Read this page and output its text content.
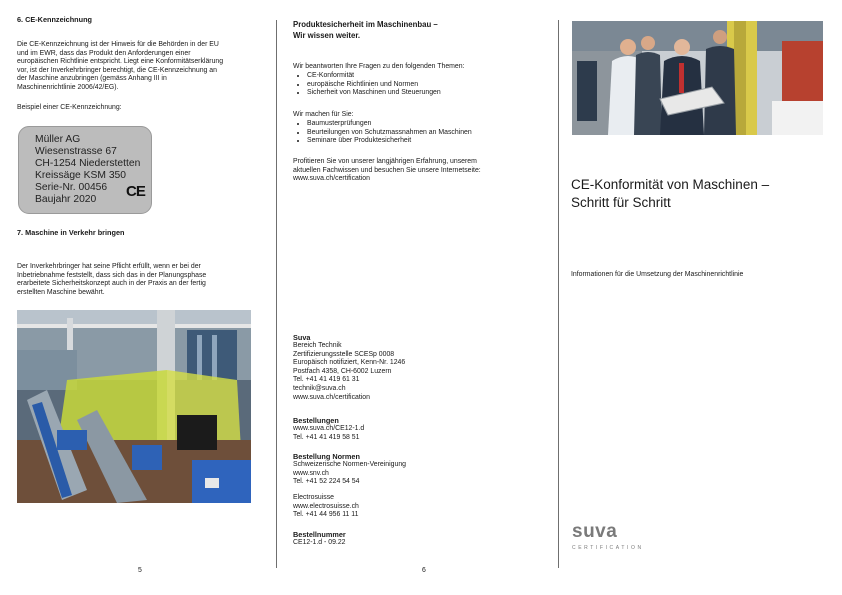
6. CE-Kennzeichnung

Die CE-Kennzeichnung ist der Hinweis für die Behörden in der EU

und im EWR, dass das Produkt den Anforderungen einer

europäischen Richtlinie entspricht. Liegt eine Konformitätserklärung

vor, ist der Inverkehrbringer berechtigt, die CE-Kennzeichnung an

der Maschine anzubringen (gemäss Anhang III in

Maschinenrichtlinie 2006/42/EG).

Beispiel einer CE-Kennzeichnung:

Müller AG
Wiesenstrasse 67
CH-1254 Niederstetten
Kreissäge KSM 350
Serie-Nr. 00456
Baujahr 2020 CE

7. Maschine in Verkehr bringen

Der Inverkehrbringer hat seine Pflicht erfüllt, wenn er bei der

Inbetriebnahme feststellt, dass sich das in der Planungsphase

erarbeitete Sicherheitskonzept auch in der Praxis an der fertig

erstellten Maschine bewährt.

5

Produktesicherheit im Maschinenbau –

Wir wissen weiter.

Wir beantworten Ihre Fragen zu den folgenden Themen:

• CE-Konformität
• europäische Richtlinien und Normen
• Sicherheit von Maschinen und Steuerungen

Wir machen für Sie:

• Baumusterprüfungen
• Beurteilungen von Schutzmassnahmen an Maschinen
• Seminare über Produktesicherheit

Profitieren Sie von unserer langjährigen Erfahrung, unserem

aktuellen Fachwissen und besuchen Sie unsere Internetseite:

www.suva.ch/certification

Suva

Bereich Technik

Zertifizierungsstelle SCESp 0008

Europäisch notifiziert, Kenn-Nr. 1246

Postfach 4358, CH-6002 Luzern

Tel. +41 41 419 61 31

technik@suva.ch

www.suva.ch/certification

Bestellungen

www.suva.ch/CE12-1.d

Tel. +41 41 419 58 51

Bestellung Normen

Schweizerische Normen-Vereinigung

www.snv.ch

Tel. +41 52 224 54 54

Electrosuisse

www.electrosuisse.ch

Tel. +41 44 956 11 11

Bestellnummer

CE12-1.d - 09.22

6

CE-Konformität von Maschinen –

Schritt für Schritt

Informationen für die Umsetzung der Maschinenrichtlinie

suva
CERTIFICATION
